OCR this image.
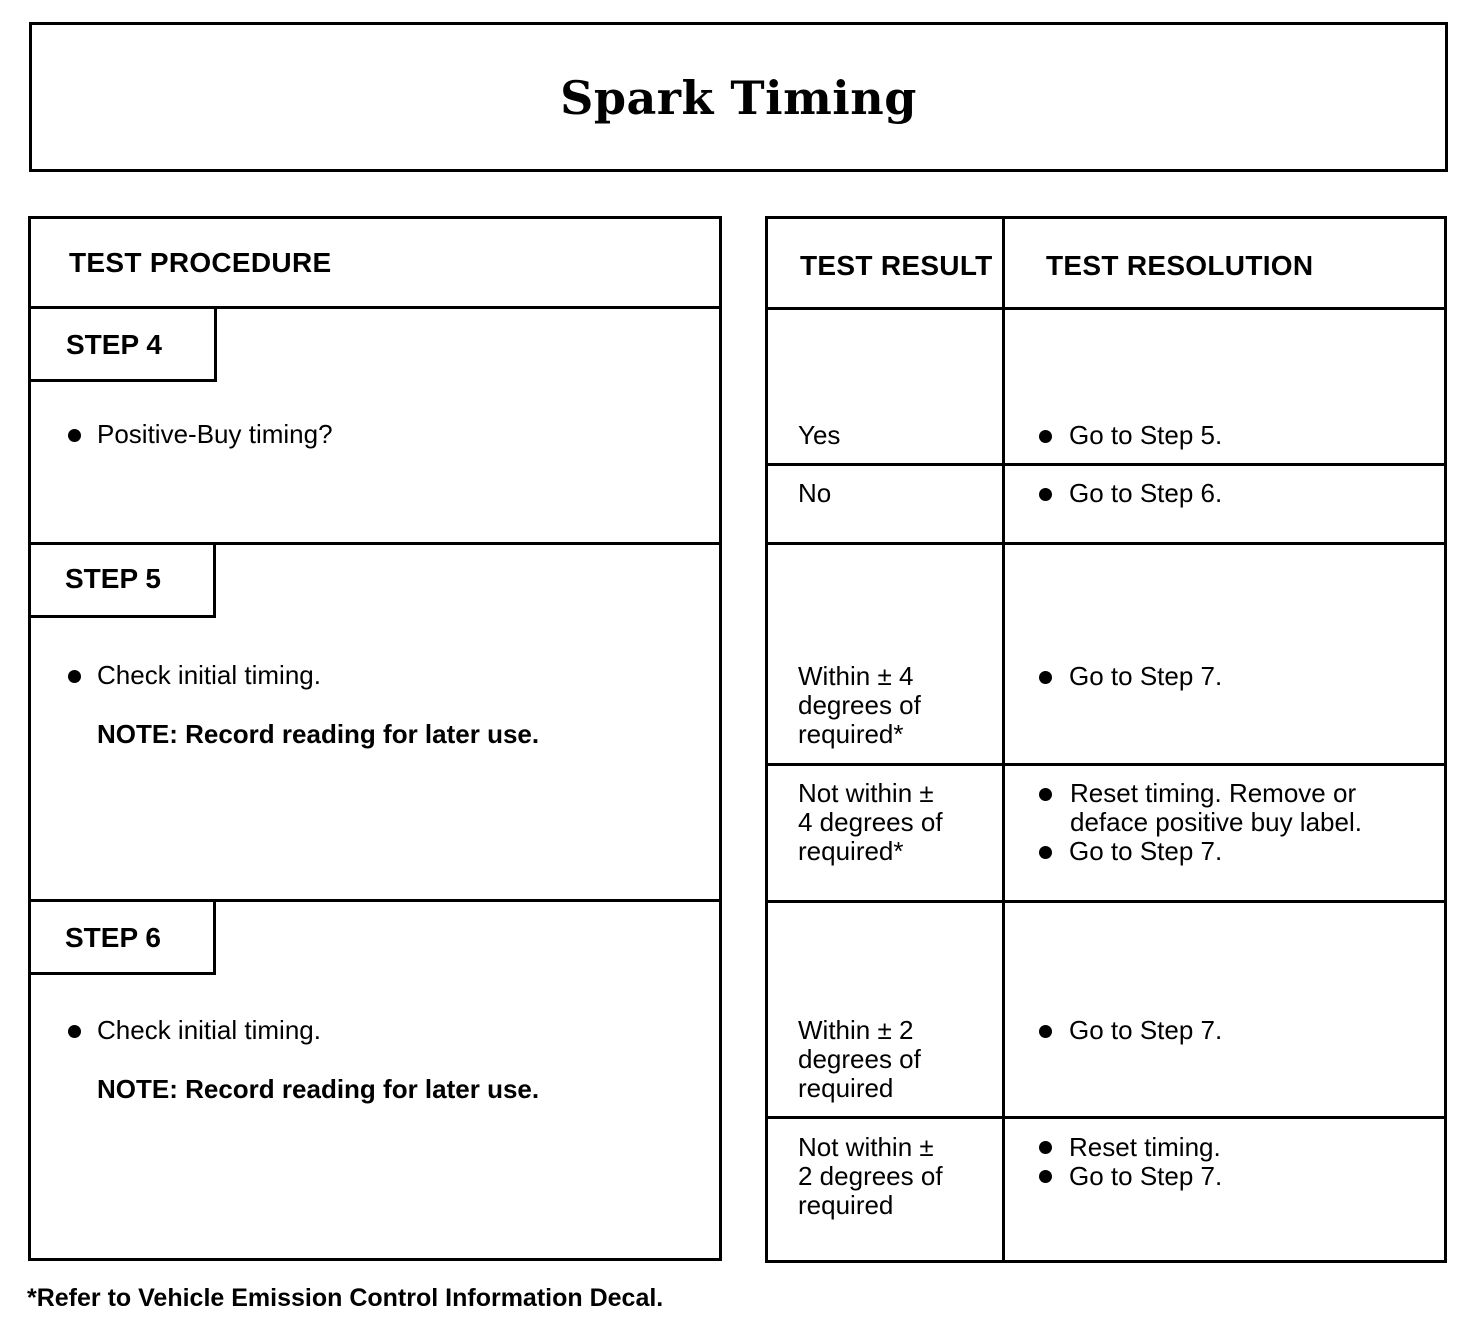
Spark Timing
TEST PROCEDURE
STEP 4
Positive-Buy timing?
STEP 5
Check initial timing.
NOTE: Record reading for later use.
STEP 6
Check initial timing.
NOTE: Record reading for later use.
TEST RESULT TEST RESOLUTION
Yes	Go to Step 5.
No	Go to Step 6.
Within ± 4
degrees of
required*
Go to Step 7.
Not within ±
4 degrees of
required*
Reset timing. Remove or
deface positive buy label.
Go to Step 7.
Within ± 2
degrees of
required
Go to Step 7.
Not within ±
2 degrees of
required
Reset timing.
Go to Step 7.
*Refer to Vehicle Emission Control Information Decal.
